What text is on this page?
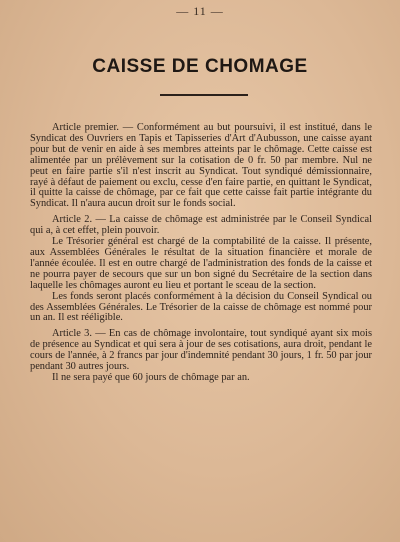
— 11 —
CAISSE DE CHOMAGE

Article premier. — Conformément au but poursuivi, il est institué, dans le Syndicat des Ouvriers en Tapis et Tapisseries d'Art d'Aubusson, une caisse ayant pour but de venir en aide à ses membres atteints par le chômage. Cette caisse est alimentée par un prélèvement sur la cotisation de 0 fr. 50 par membre. Nul ne peut en faire partie s'il n'est inscrit au Syndicat. Tout syndiqué démissionnaire, rayé à défaut de paiement ou exclu, cesse d'en faire partie, en quittant le Syndicat, il quitte la caisse de chômage, par ce fait que cette caisse fait partie intégrante du Syndicat. Il n'aura aucun droit sur le fonds social.

Article 2. — La caisse de chômage est administrée par le Conseil Syndical qui a, à cet effet, plein pouvoir.

Le Trésorier général est chargé de la comptabilité de la caisse. Il présente, aux Assemblées Générales le résultat de la situation financière et morale de l'année écoulée. Il est en outre chargé de l'administration des fonds de la caisse et ne pourra payer de secours que sur un bon signé du Secrétaire de la section dans laquelle les chômages auront eu lieu et portant le sceau de la section.

Les fonds seront placés conformément à la décision du Conseil Syndical ou des Assemblées Générales. Le Trésorier de la caisse de chômage est nommé pour un an. Il est rééligible.

Article 3. — En cas de chômage involontaire, tout syndiqué ayant six mois de présence au Syndicat et qui sera à jour de ses cotisations, aura droit, pendant le cours de l'année, à 2 francs par jour d'indemnité pendant 30 jours, 1 fr. 50 par jour pendant 30 autres jours.

Il ne sera payé que 60 jours de chômage par an.
